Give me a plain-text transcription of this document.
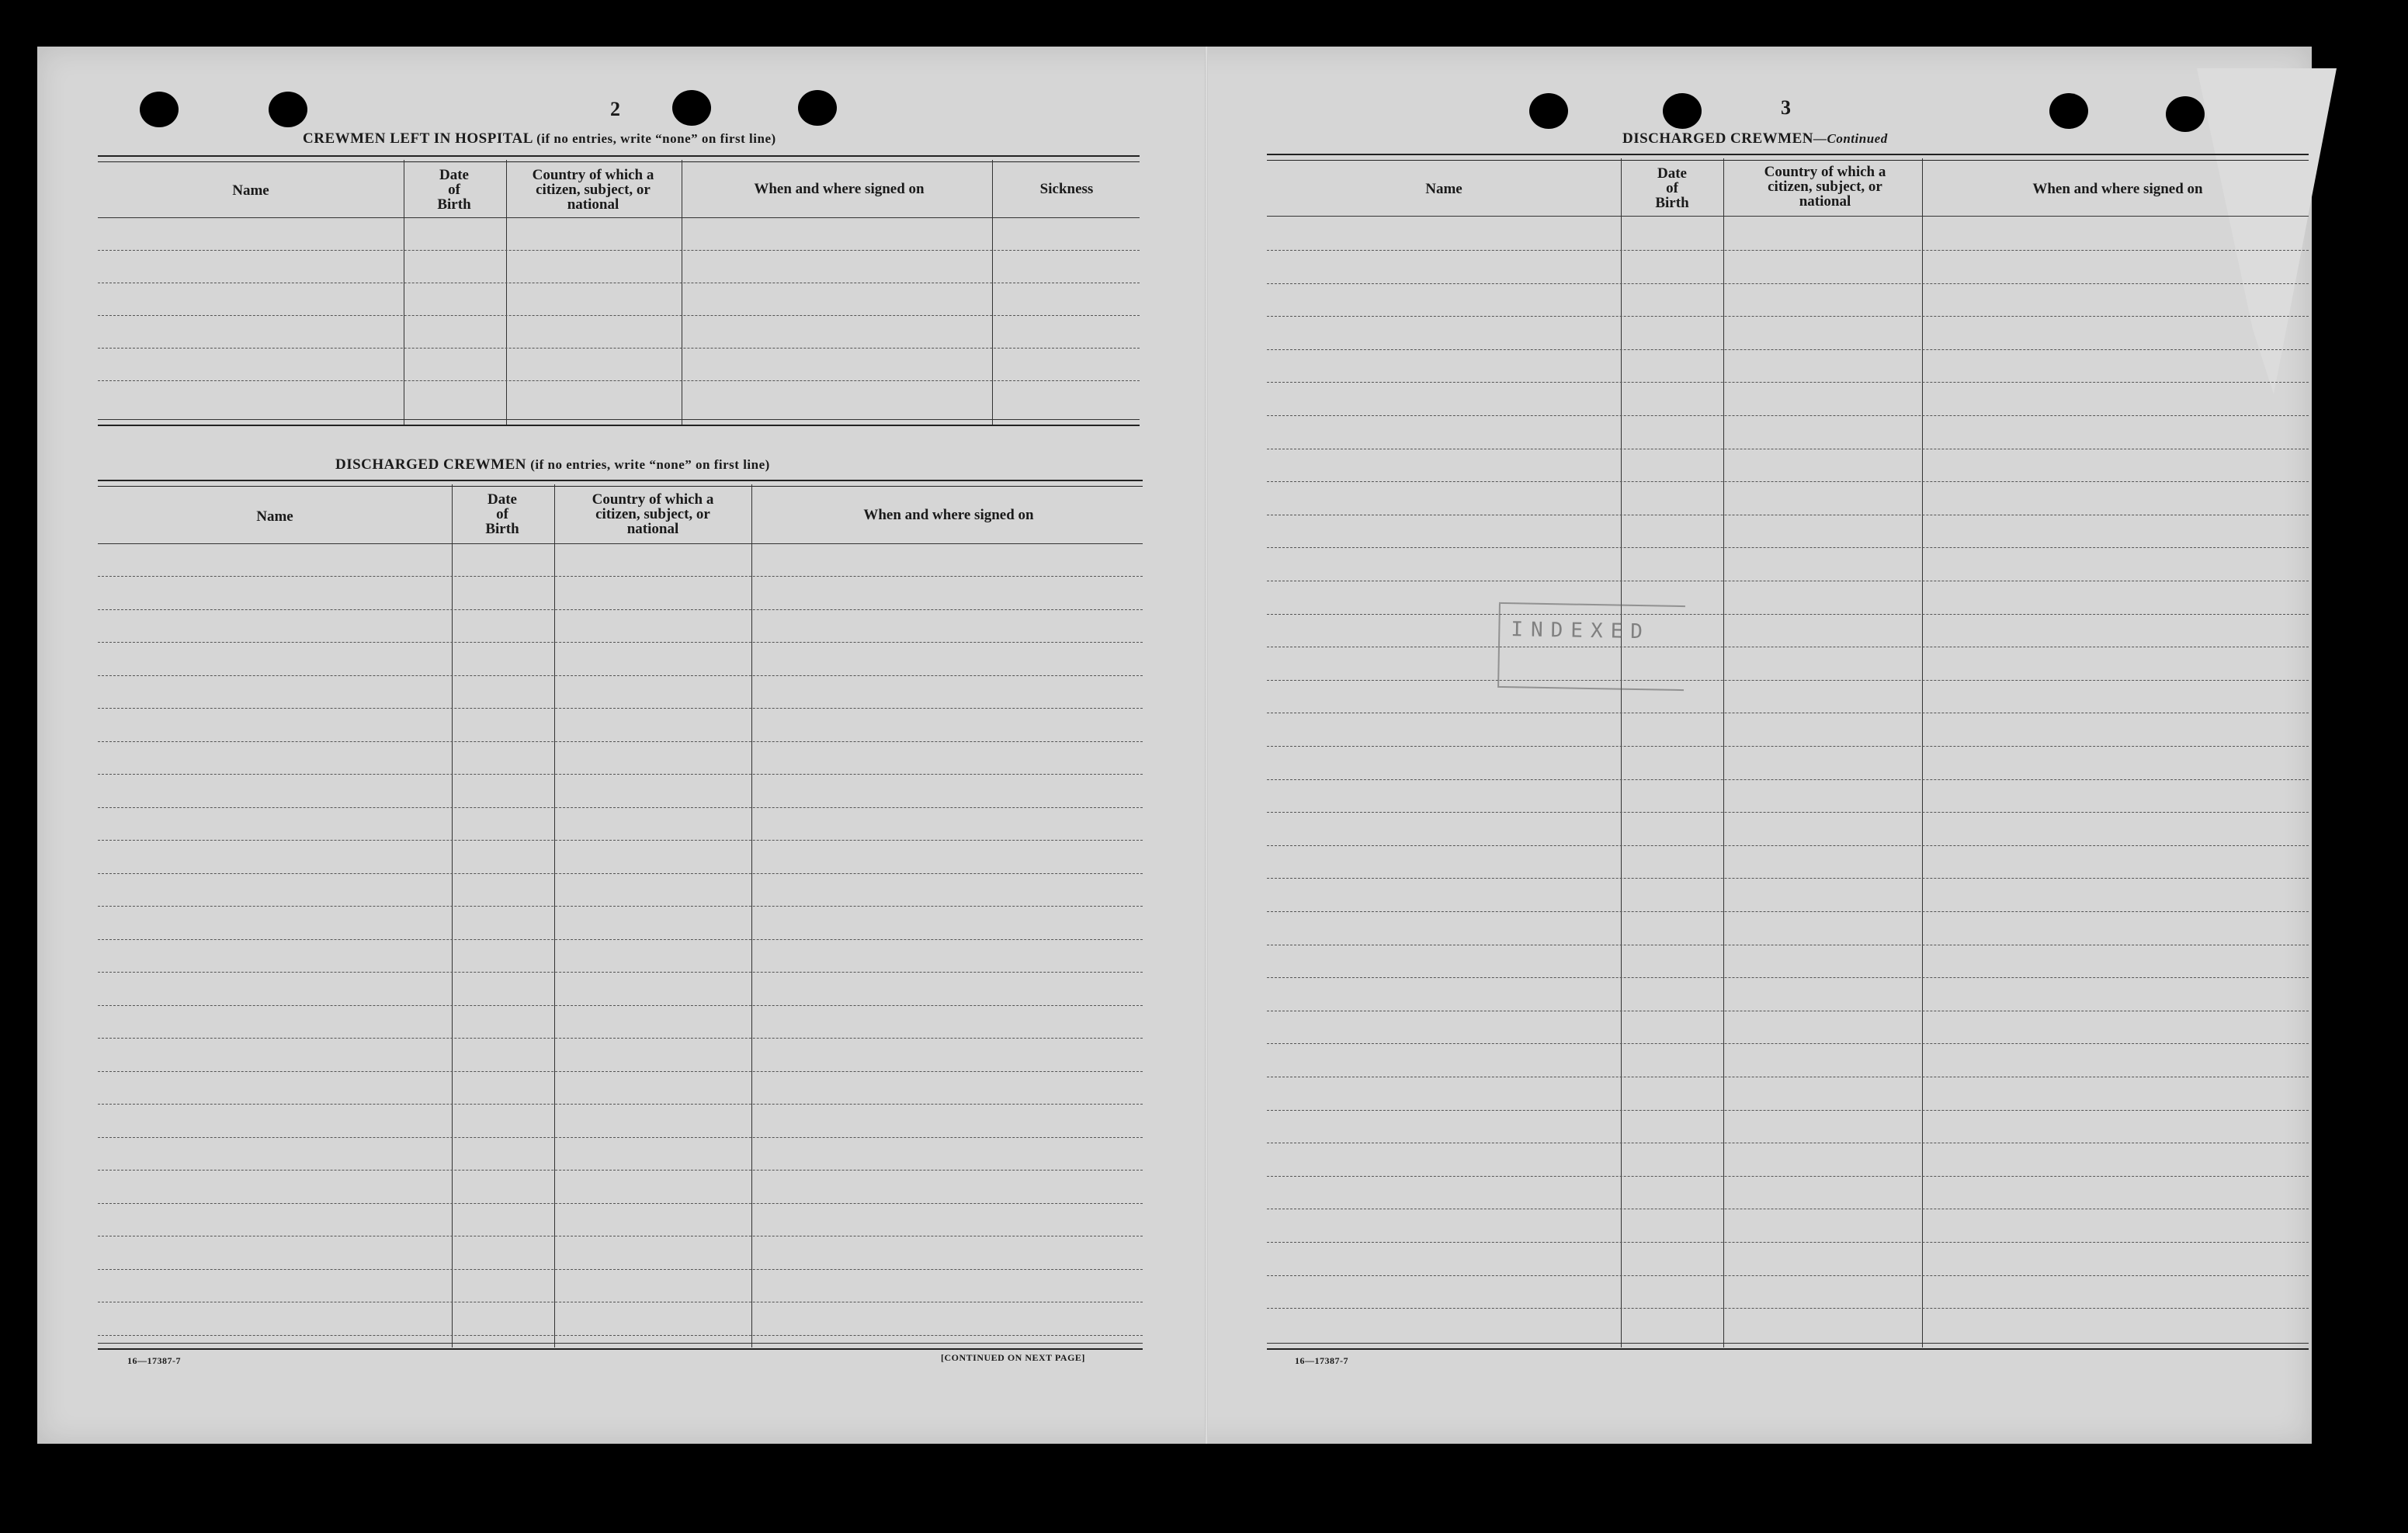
2
CREWMEN LEFT IN HOSPITAL (if no entries, write “none” on first line)
Name
Date
of
Birth
Country of which a
citizen, subject, or
national
When and where signed on	Sickness
DISCHARGED CREWMEN (if no entries, write “none” on first line)
Name
Date
of
Birth
Country of which a
citizen, subject, or
national
When and where signed on
16—17387-7	[CONTINUED ON NEXT PAGE]
3
DISCHARGED CREWMEN—Continued
Name
Date
of
Birth
Country of which a
citizen, subject, or
national
When and where signed on
INDEXED
16—17387-7
